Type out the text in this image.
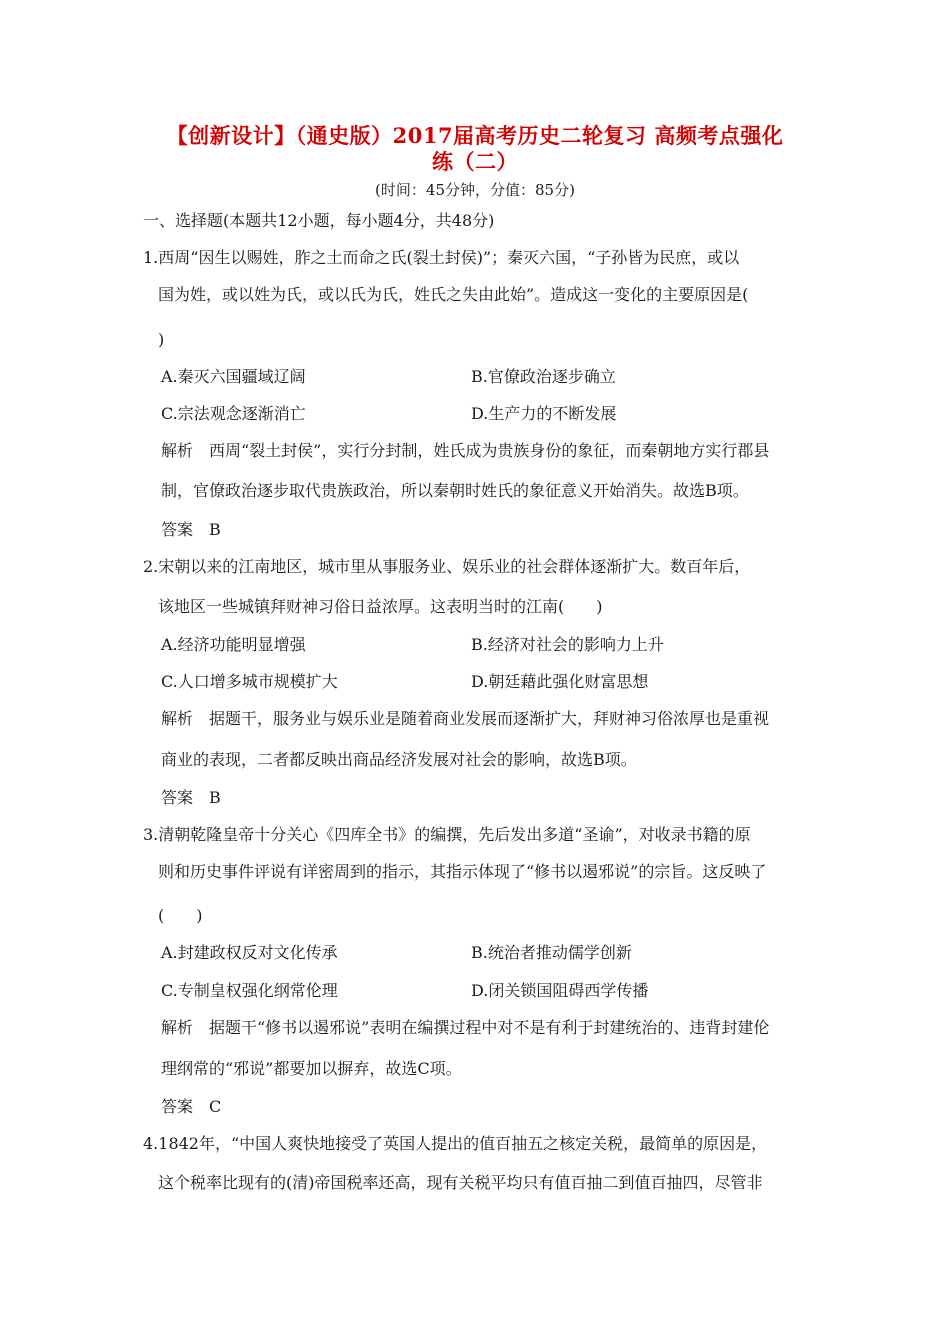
【创新设计】（通史版）2017届高考历史二轮复习 高频考点强化
练（二）
(时间：45分钟，分值：85分)
一、选择题(本题共12小题，每小题4分，共48分)
1.西周“因生以赐姓，胙之土而命之氏(裂土封侯)”；秦灭六国，“子孙皆为民庶，或以
国为姓，或以姓为氏，或以氏为氏，姓氏之失由此始”。造成这一变化的主要原因是(
)
A.秦灭六国疆域辽阔	B.官僚政治逐步确立
C.宗法观念逐渐消亡	D.生产力的不断发展
解析　西周“裂土封侯”，实行分封制，姓氏成为贵族身份的象征，而秦朝地方实行郡县
制，官僚政治逐步取代贵族政治，所以秦朝时姓氏的象征意义开始消失。故选B项。
答案　B
2.宋朝以来的江南地区，城市里从事服务业、娱乐业的社会群体逐渐扩大。数百年后，
该地区一些城镇拜财神习俗日益浓厚。这表明当时的江南(　　)
A.经济功能明显增强	B.经济对社会的影响力上升
C.人口增多城市规模扩大	D.朝廷藉此强化财富思想
解析　据题干，服务业与娱乐业是随着商业发展而逐渐扩大，拜财神习俗浓厚也是重视
商业的表现，二者都反映出商品经济发展对社会的影响，故选B项。
答案　B
3.清朝乾隆皇帝十分关心《四库全书》的编撰，先后发出多道“圣谕”，对收录书籍的原
则和历史事件评说有详密周到的指示，其指示体现了“修书以遏邪说”的宗旨。这反映了
(　　)
A.封建政权反对文化传承	B.统治者推动儒学创新
C.专制皇权强化纲常伦理	D.闭关锁国阻碍西学传播
解析　据题干“修书以遏邪说”表明在编撰过程中对不是有利于封建统治的、违背封建伦
理纲常的“邪说”都要加以摒弃，故选C项。
答案　C
4.1842年，“中国人爽快地接受了英国人提出的值百抽五之核定关税，最简单的原因是，
这个税率比现有的(清)帝国税率还高，现有关税平均只有值百抽二到值百抽四，尽管非
